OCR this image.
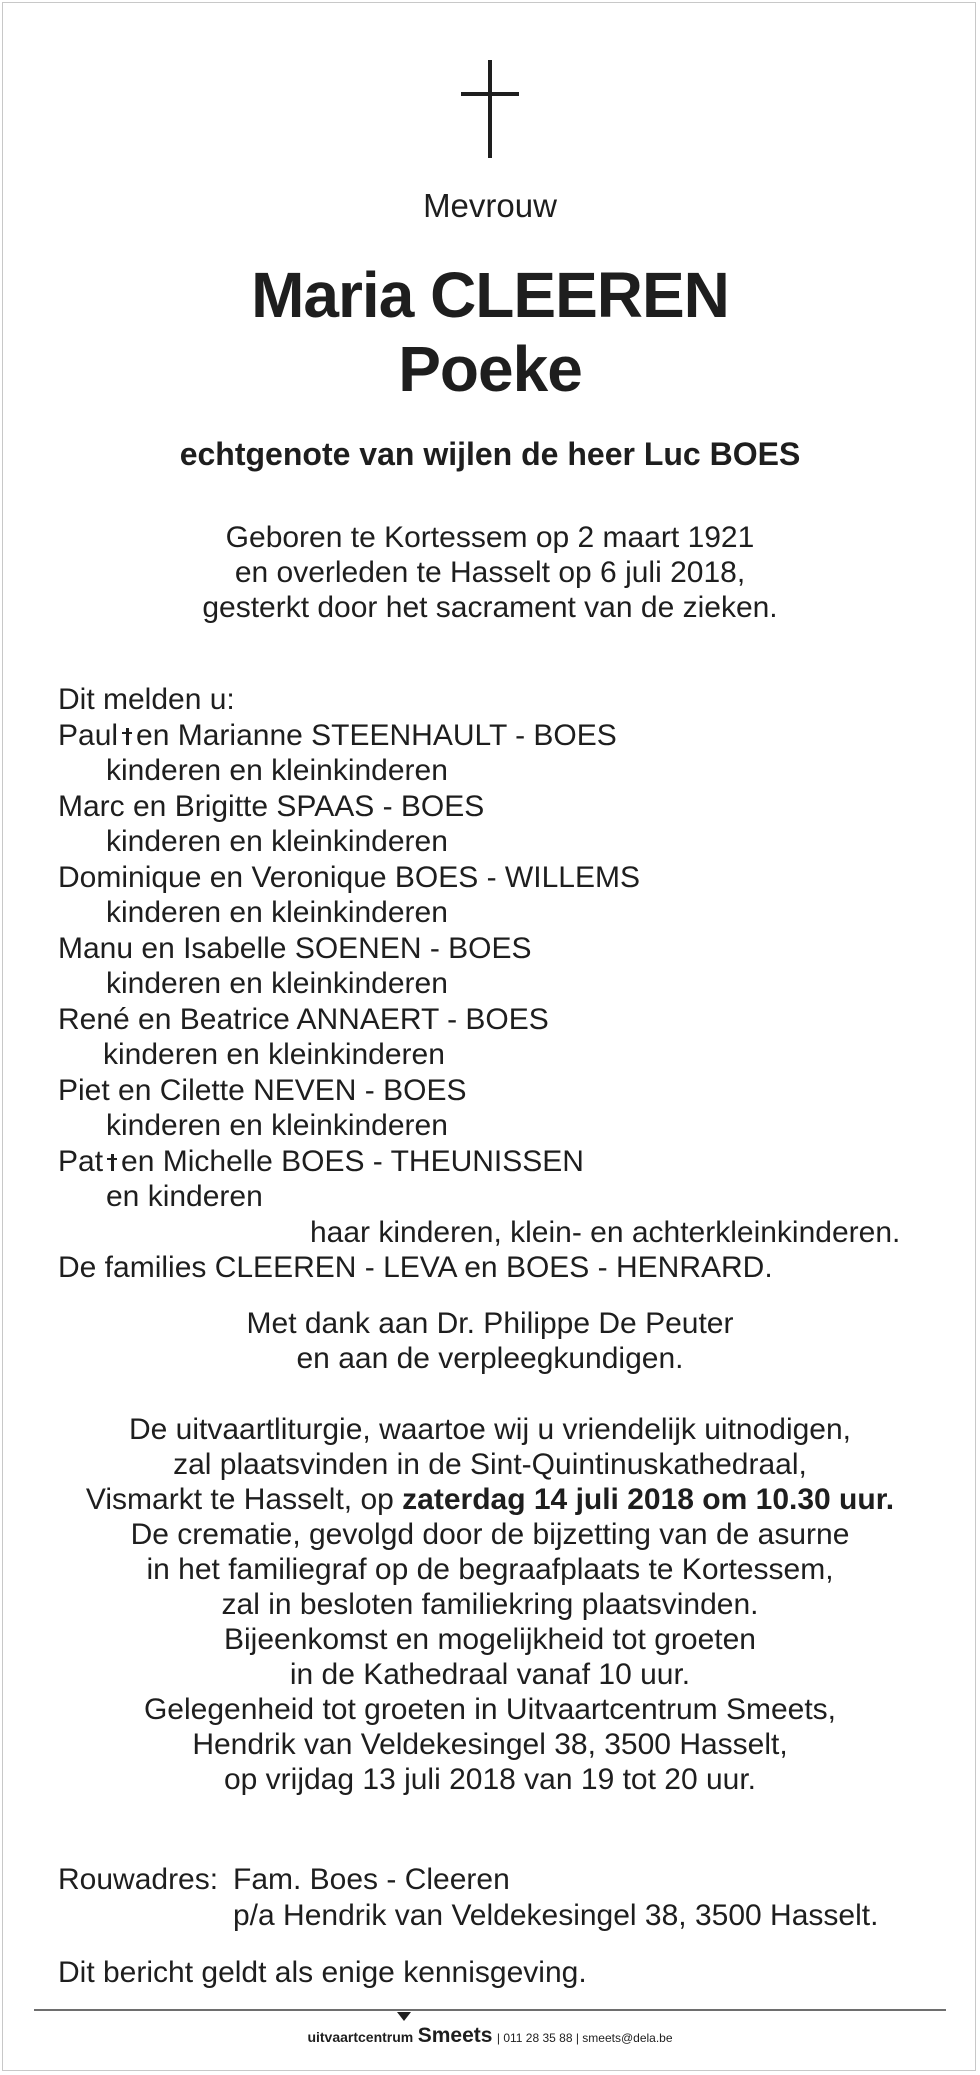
Mevrouw
Maria CLEEREN
Poeke
echtgenote van wijlen de heer Luc BOES
Geboren te Kortessem op 2 maart 1921
en overleden te Hasselt op 6 juli 2018,
gesterkt door het sacrament van de zieken.
Dit melden u:
Paul en Marianne STEENHAULT - BOES
kinderen en kleinkinderen
Marc en Brigitte SPAAS - BOES
kinderen en kleinkinderen
Dominique en Veronique BOES - WILLEMS
kinderen en kleinkinderen
Manu en Isabelle SOENEN - BOES
kinderen en kleinkinderen
René en Beatrice ANNAERT - BOES
kinderen en kleinkinderen
Piet en Cilette NEVEN - BOES
kinderen en kleinkinderen
Pat en Michelle BOES - THEUNISSEN
en kinderen
haar kinderen, klein- en achterkleinkinderen.
De families CLEEREN - LEVA en BOES - HENRARD.
Met dank aan Dr. Philippe De Peuter
en aan de verpleegkundigen.
De uitvaartliturgie, waartoe wij u vriendelijk uitnodigen,
zal plaatsvinden in de Sint-Quintinuskathedraal,
Vismarkt te Hasselt, op zaterdag 14 juli 2018 om 10.30 uur.
De crematie, gevolgd door de bijzetting van de asurne
in het familiegraf op de begraafplaats te Kortessem,
zal in besloten familiekring plaatsvinden.
Bijeenkomst en mogelijkheid tot groeten
in de Kathedraal vanaf 10 uur.
Gelegenheid tot groeten in Uitvaartcentrum Smeets,
Hendrik van Veldekesingel 38, 3500 Hasselt,
op vrijdag 13 juli 2018 van 19 tot 20 uur.
Rouwadres: Fam. Boes - Cleeren
p/a Hendrik van Veldekesingel 38, 3500 Hasselt.
Dit bericht geldt als enige kennisgeving.
uitvaartcentrum Smeets | 011 28 35 88 | smeets@dela.be
